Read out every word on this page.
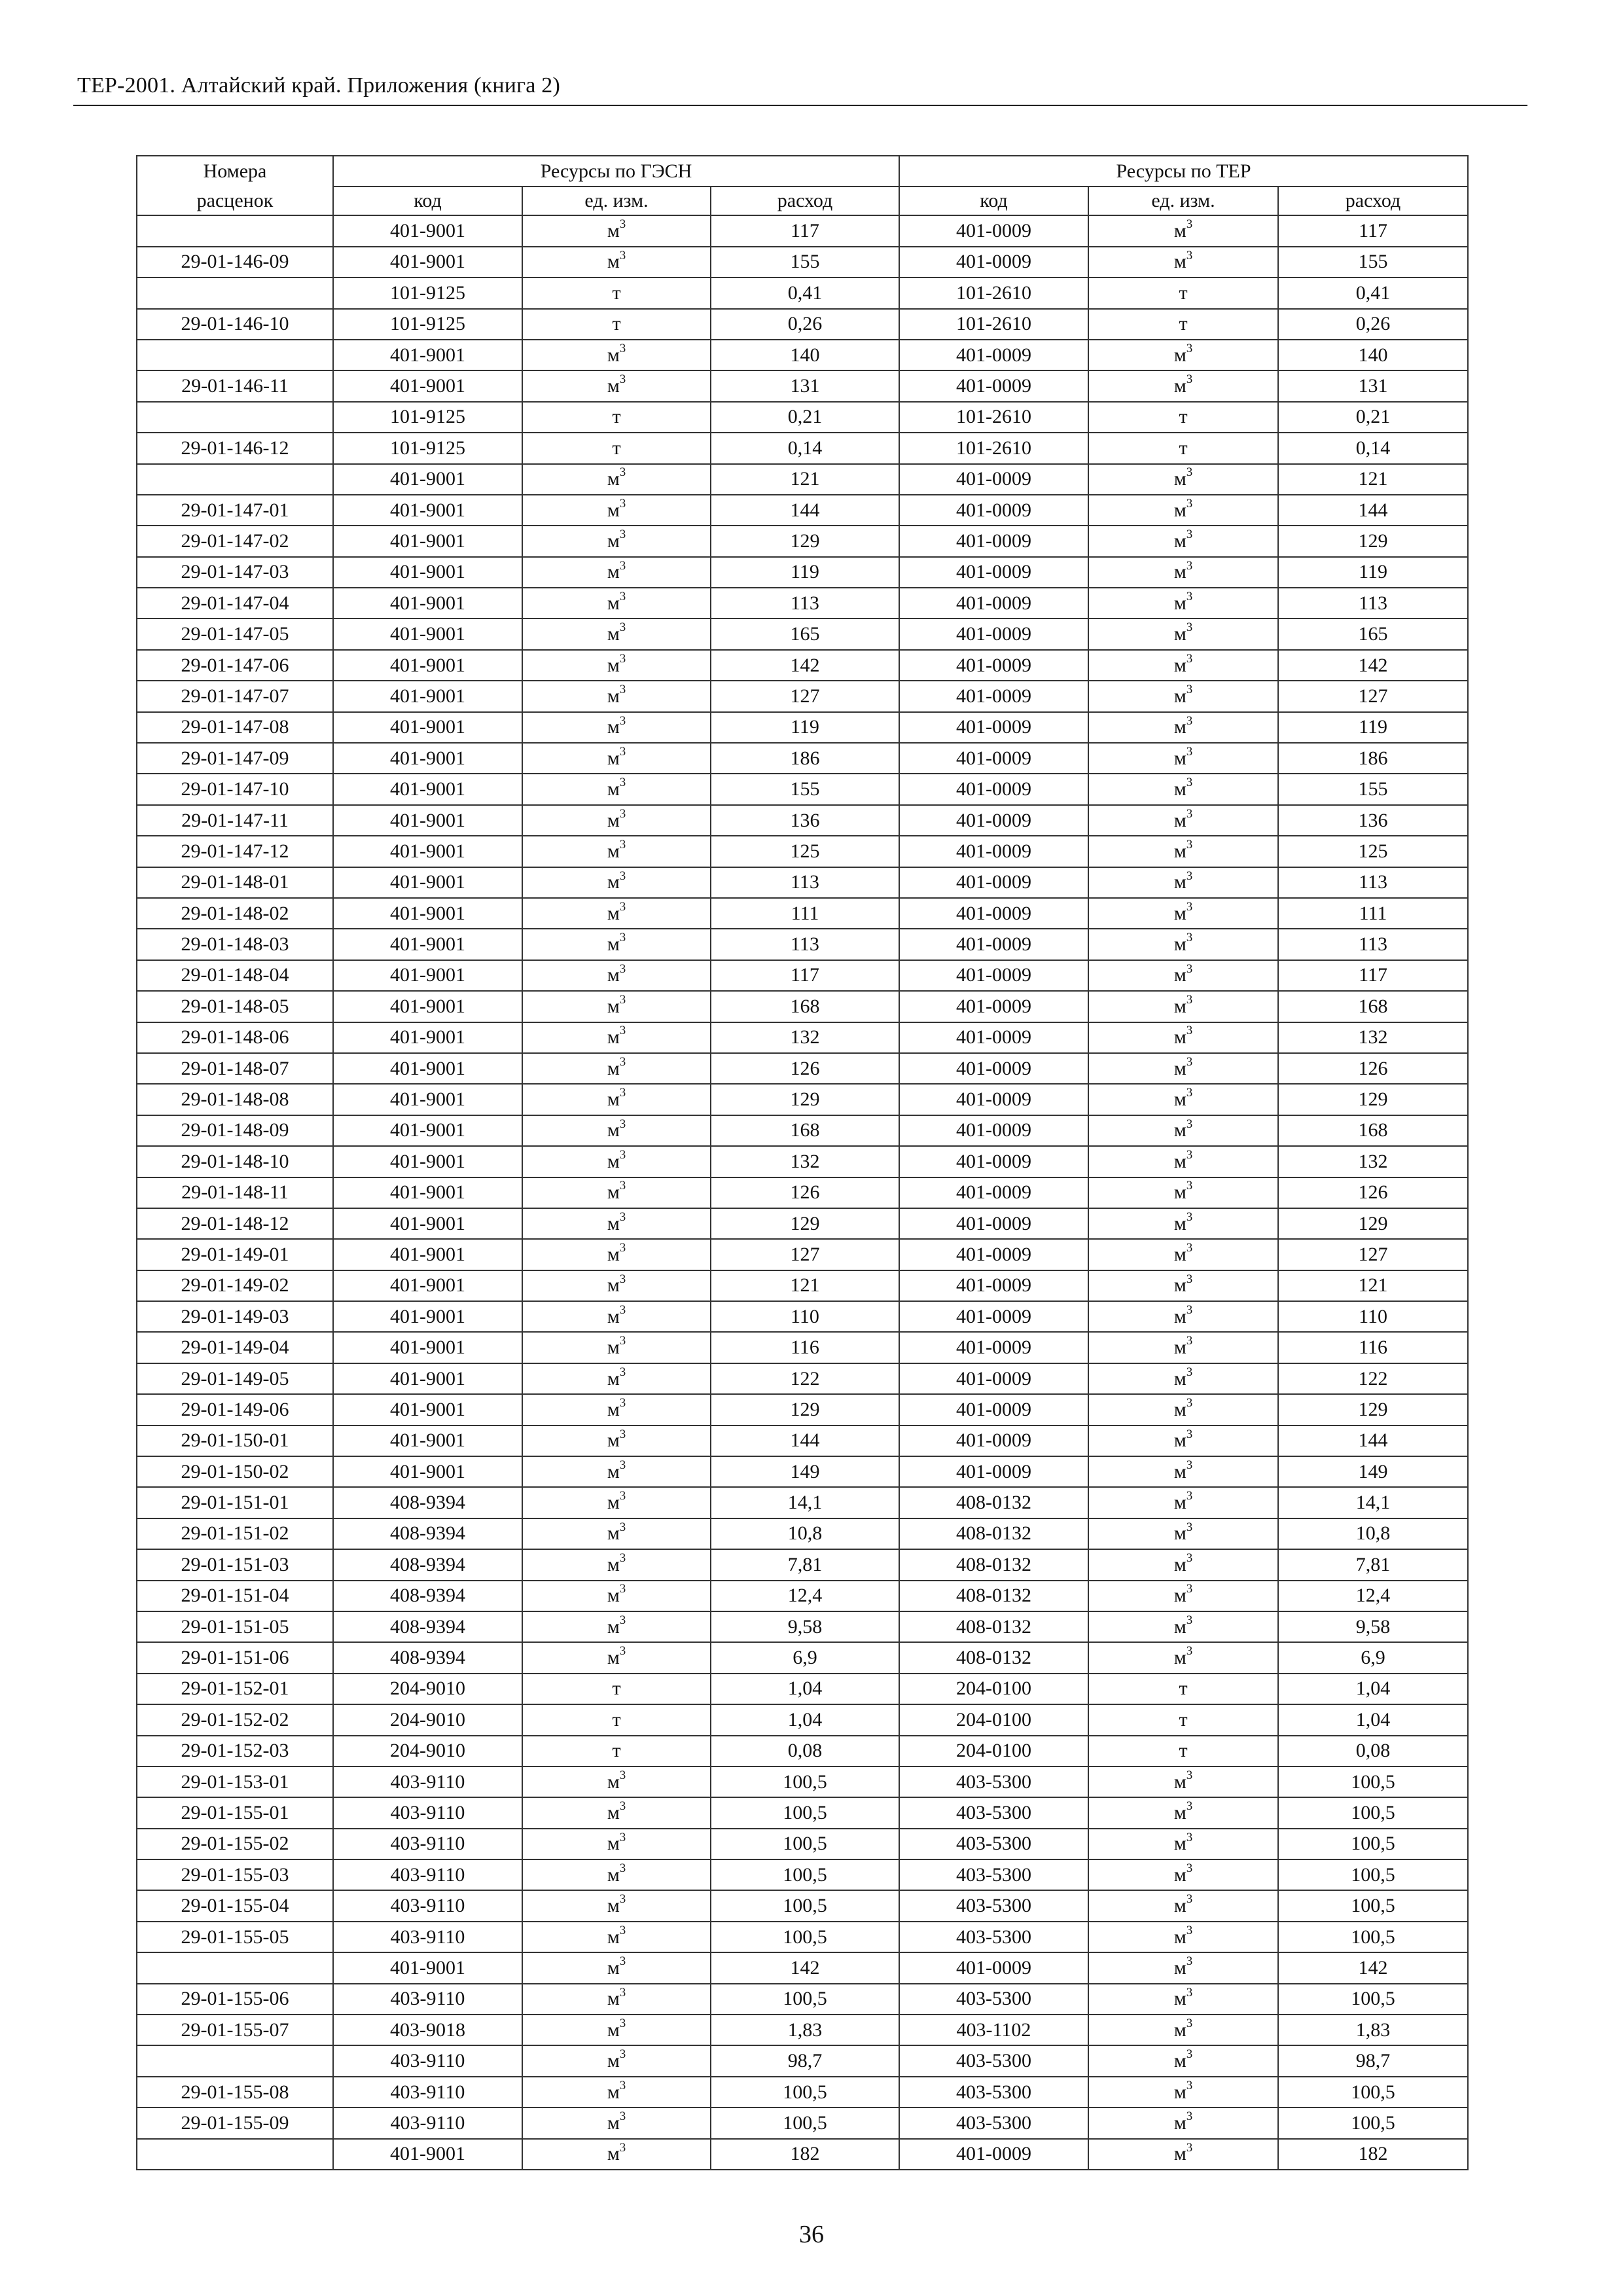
ТЕР-2001. Алтайский край. Приложения (книга 2)
Номера	Ресурсы по ГЭСН			Ресурсы по ТЕР		
расценок	код	ед. изм.	расход	код	ед. изм.	расход
	401-9001	$м^3$	117	401-0009	$м^3$	117
29-01-146-09	401-9001	$м^3$	155	401-0009	$м^3$	155
	101-9125	т	0,41	101-2610	т	0,41
29-01-146-10	101-9125	т	0,26	101-2610	т	0,26
	401-9001	$м^3$	140	401-0009	$м^3$	140
29-01-146-11	401-9001	$м^3$	131	401-0009	$м^3$	131
	101-9125	т	0,21	101-2610	т	0,21
29-01-146-12	101-9125	т	0,14	101-2610	т	0,14
	401-9001	$м^3$	121	401-0009	$м^3$	121
29-01-147-01	401-9001	$м^3$	144	401-0009	$м^3$	144
29-01-147-02	401-9001	$м^3$	129	401-0009	$м^3$	129
29-01-147-03	401-9001	$м^3$	119	401-0009	$м^3$	119
29-01-147-04	401-9001	$м^3$	113	401-0009	$м^3$	113
29-01-147-05	401-9001	$м^3$	165	401-0009	$м^3$	165
29-01-147-06	401-9001	$м^3$	142	401-0009	$м^3$	142
29-01-147-07	401-9001	$м^3$	127	401-0009	$м^3$	127
29-01-147-08	401-9001	$м^3$	119	401-0009	$м^3$	119
29-01-147-09	401-9001	$м^3$	186	401-0009	$м^3$	186
29-01-147-10	401-9001	$м^3$	155	401-0009	$м^3$	155
29-01-147-11	401-9001	$м^3$	136	401-0009	$м^3$	136
29-01-147-12	401-9001	$м^3$	125	401-0009	$м^3$	125
29-01-148-01	401-9001	$м^3$	113	401-0009	$м^3$	113
29-01-148-02	401-9001	$м^3$	111	401-0009	$м^3$	111
29-01-148-03	401-9001	$м^3$	113	401-0009	$м^3$	113
29-01-148-04	401-9001	$м^3$	117	401-0009	$м^3$	117
29-01-148-05	401-9001	$м^3$	168	401-0009	$м^3$	168
29-01-148-06	401-9001	$м^3$	132	401-0009	$м^3$	132
29-01-148-07	401-9001	$м^3$	126	401-0009	$м^3$	126
29-01-148-08	401-9001	$м^3$	129	401-0009	$м^3$	129
29-01-148-09	401-9001	$м^3$	168	401-0009	$м^3$	168
29-01-148-10	401-9001	$м^3$	132	401-0009	$м^3$	132
29-01-148-11	401-9001	$м^3$	126	401-0009	$м^3$	126
29-01-148-12	401-9001	$м^3$	129	401-0009	$м^3$	129
29-01-149-01	401-9001	$м^3$	127	401-0009	$м^3$	127
29-01-149-02	401-9001	$м^3$	121	401-0009	$м^3$	121
29-01-149-03	401-9001	$м^3$	110	401-0009	$м^3$	110
29-01-149-04	401-9001	$м^3$	116	401-0009	$м^3$	116
29-01-149-05	401-9001	$м^3$	122	401-0009	$м^3$	122
29-01-149-06	401-9001	$м^3$	129	401-0009	$м^3$	129
29-01-150-01	401-9001	$м^3$	144	401-0009	$м^3$	144
29-01-150-02	401-9001	$м^3$	149	401-0009	$м^3$	149
29-01-151-01	408-9394	$м^3$	14,1	408-0132	$м^3$	14,1
29-01-151-02	408-9394	$м^3$	10,8	408-0132	$м^3$	10,8
29-01-151-03	408-9394	$м^3$	7,81	408-0132	$м^3$	7,81
29-01-151-04	408-9394	$м^3$	12,4	408-0132	$м^3$	12,4
29-01-151-05	408-9394	$м^3$	9,58	408-0132	$м^3$	9,58
29-01-151-06	408-9394	$м^3$	6,9	408-0132	$м^3$	6,9
29-01-152-01	204-9010	т	1,04	204-0100	т	1,04
29-01-152-02	204-9010	т	1,04	204-0100	т	1,04
29-01-152-03	204-9010	т	0,08	204-0100	т	0,08
29-01-153-01	403-9110	$м^3$	100,5	403-5300	$м^3$	100,5
29-01-155-01	403-9110	$м^3$	100,5	403-5300	$м^3$	100,5
29-01-155-02	403-9110	$м^3$	100,5	403-5300	$м^3$	100,5
29-01-155-03	403-9110	$м^3$	100,5	403-5300	$м^3$	100,5
29-01-155-04	403-9110	$м^3$	100,5	403-5300	$м^3$	100,5
29-01-155-05	403-9110	$м^3$	100,5	403-5300	$м^3$	100,5
	401-9001	$м^3$	142	401-0009	$м^3$	142
29-01-155-06	403-9110	$м^3$	100,5	403-5300	$м^3$	100,5
29-01-155-07	403-9018	$м^3$	1,83	403-1102	$м^3$	1,83
	403-9110	$м^3$	98,7	403-5300	$м^3$	98,7
29-01-155-08	403-9110	$м^3$	100,5	403-5300	$м^3$	100,5
29-01-155-09	403-9110	$м^3$	100,5	403-5300	$м^3$	100,5
	401-9001	$м^3$	182	401-0009	$м^3$	182
36
